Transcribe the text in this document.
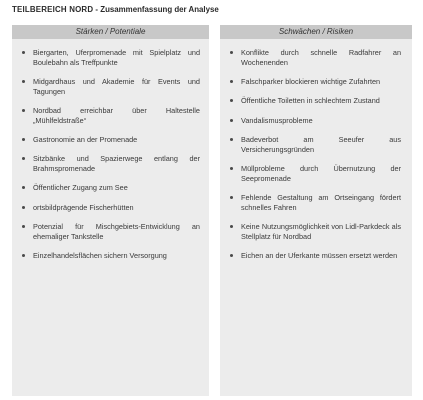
TEILBEREICH NORD - Zusammenfassung der Analyse
Stärken / Potentiale
Biergarten, Uferpromenade mit Spielplatz und Boulebahn als Treffpunkte
Midgardhaus und Akademie für Events und Tagungen
Nordbad erreichbar über Haltestelle „Mühlfeldstraße“
Gastronomie an der Promenade
Sitzbänke und Spazierwege entlang der Brahmspromenade
Öffentlicher Zugang zum See
ortsbildprägende Fischerhütten
Potenzial für Mischgebiets-Entwicklung an ehemaliger Tankstelle
Einzelhandelsflächen sichern Versorgung
Schwächen / Risiken
Konflikte durch schnelle Radfahrer an Wochenenden
Falschparker blockieren wichtige Zufahrten
Öffentliche Toiletten in schlechtem Zustand
Vandalismusprobleme
Badeverbot am Seeufer aus Versicherungsgründen
Müllprobleme durch Übernutzung der Seepromenade
Fehlende Gestaltung am Ortseingang fördert schnelles Fahren
Keine Nutzungsmöglichkeit von Lidl-Parkdeck als Stellplatz für Nordbad
Eichen an der Uferkante müssen ersetzt werden
